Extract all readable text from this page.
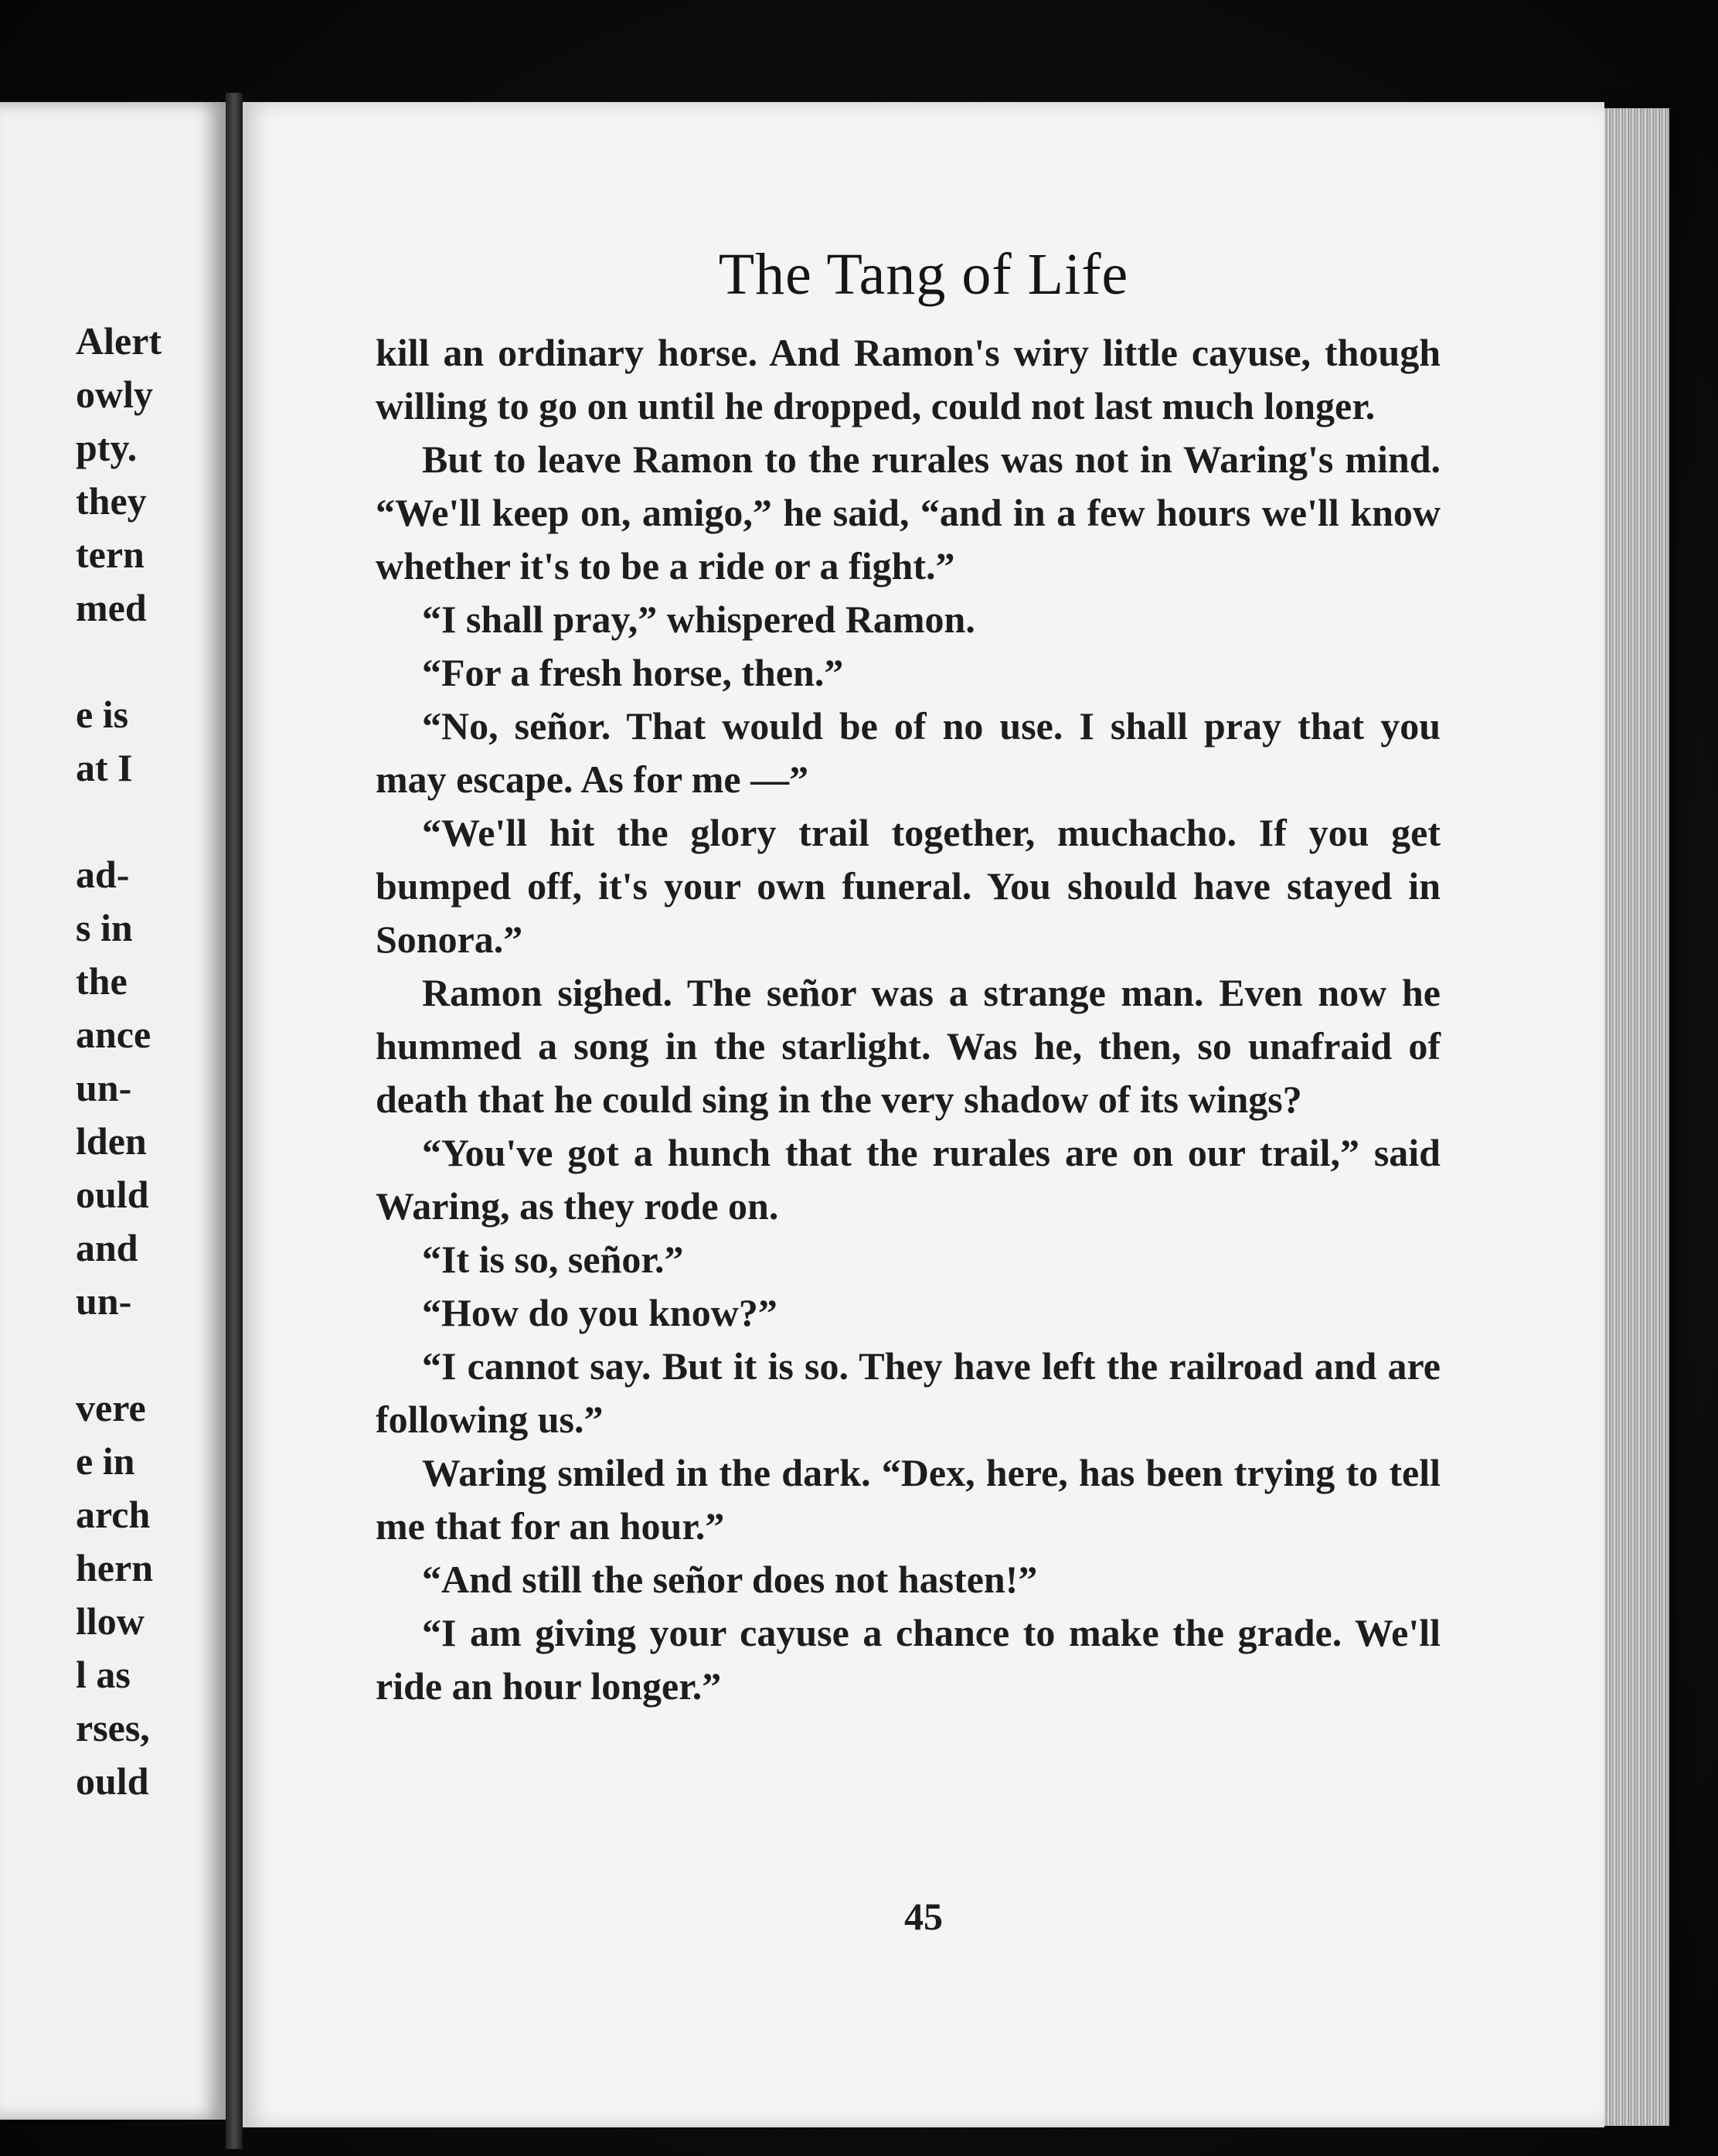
Alert
owly
pty.
they
tern
med
e is
at I
ad-
s in
the
ance
un-
lden
ould
and
un-
vere
e in
arch
hern
llow
l as
rses,
ould
The Tang of Life

kill an ordinary horse. And Ramon's wiry little cayuse, though willing to go on until he dropped, could not last much longer.

But to leave Ramon to the rurales was not in Waring's mind. “We'll keep on, amigo,” he said, “and in a few hours we'll know whether it's to be a ride or a fight.”

“I shall pray,” whispered Ramon.

“For a fresh horse, then.”

“No, señor. That would be of no use. I shall pray that you may escape. As for me —”

“We'll hit the glory trail together, muchacho. If you get bumped off, it's your own funeral. You should have stayed in Sonora.”

Ramon sighed. The señor was a strange man. Even now he hummed a song in the starlight. Was he, then, so unafraid of death that he could sing in the very shadow of its wings?

“You've got a hunch that the rurales are on our trail,” said Waring, as they rode on.

“It is so, señor.”

“How do you know?”

“I cannot say. But it is so. They have left the railroad and are following us.”

Waring smiled in the dark. “Dex, here, has been trying to tell me that for an hour.”

“And still the señor does not hasten!”

“I am giving your cayuse a chance to make the grade. We'll ride an hour longer.”

45
